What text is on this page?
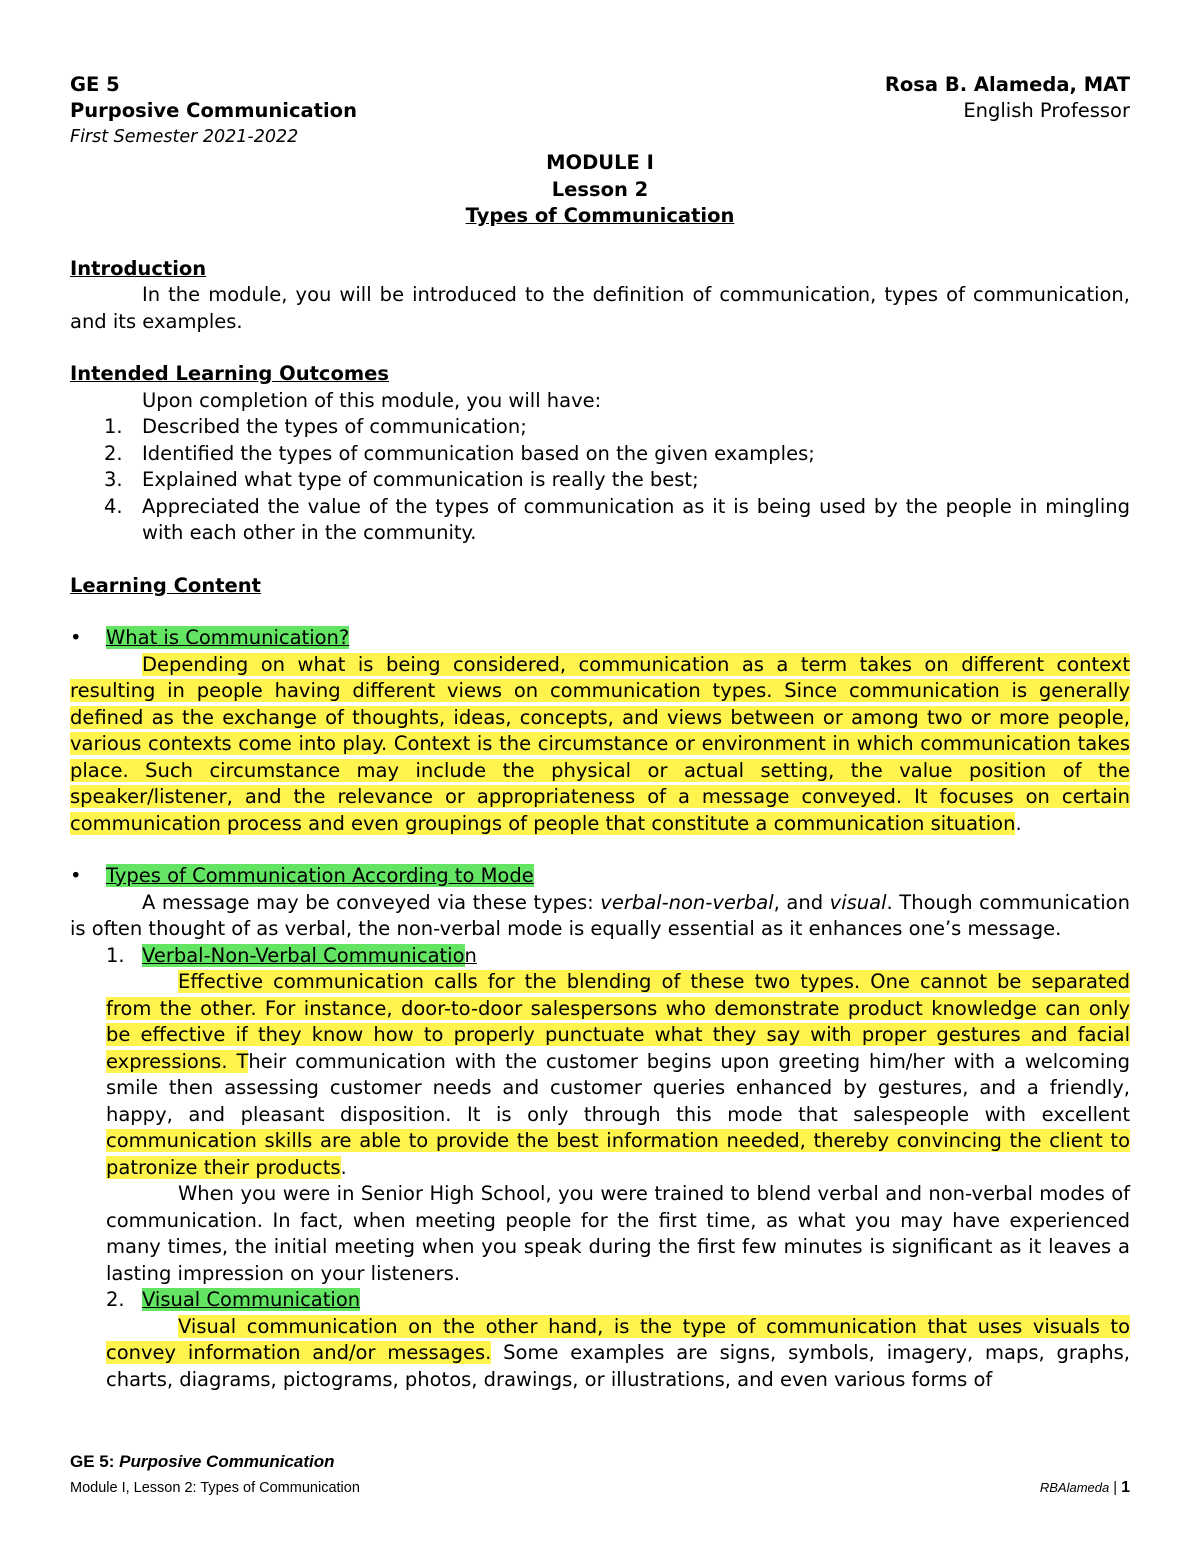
GE 5
Purposive Communication
First Semester 2021-2022
Rosa B. Alameda, MAT
English Professor
MODULE I
Lesson 2
Types of Communication

Introduction

In the module, you will be introduced to the definition of communication, types of communication, and its examples.

Intended Learning Outcomes

Upon completion of this module, you will have:

1. Described the types of communication;
2. Identified the types of communication based on the given examples;
3. Explained what type of communication is really the best;
4. Appreciated the value of the types of communication as it is being used by the people in mingling with each other in the community.

Learning Content

• What is Communication?

Depending on what is being considered, communication as a term takes on different context resulting in people having different views on communication types. Since communication is generally defined as the exchange of thoughts, ideas, concepts, and views between or among two or more people, various contexts come into play. Context is the circumstance or environment in which communication takes place. Such circumstance may include the physical or actual setting, the value position of the speaker/listener, and the relevance or appropriateness of a message conveyed. It focuses on certain communication process and even groupings of people that constitute a communication situation.

• Types of Communication According to Mode

A message may be conveyed via these types: verbal-non-verbal, and visual. Though communication is often thought of as verbal, the non-verbal mode is equally essential as it enhances one’s message.

1. Verbal-Non-Verbal Communication

Effective communication calls for the blending of these two types. One cannot be separated from the other. For instance, door-to-door salespersons who demonstrate product knowledge can only be effective if they know how to properly punctuate what they say with proper gestures and facial expressions. Their communication with the customer begins upon greeting him/her with a welcoming smile then assessing customer needs and customer queries enhanced by gestures, and a friendly, happy, and pleasant disposition. It is only through this mode that salespeople with excellent communication skills are able to provide the best information needed, thereby convincing the client to patronize their products.

When you were in Senior High School, you were trained to blend verbal and non-verbal modes of communication. In fact, when meeting people for the first time, as what you may have experienced many times, the initial meeting when you speak during the first few minutes is significant as it leaves a lasting impression on your listeners.

2. Visual Communication

Visual communication on the other hand, is the type of communication that uses visuals to convey information and/or messages. Some examples are signs, symbols, imagery, maps, graphs, charts, diagrams, pictograms, photos, drawings, or illustrations, and even various forms of

GE 5: Purposive Communication
Module I, Lesson 2: Types of Communication	RBAlameda | 1
